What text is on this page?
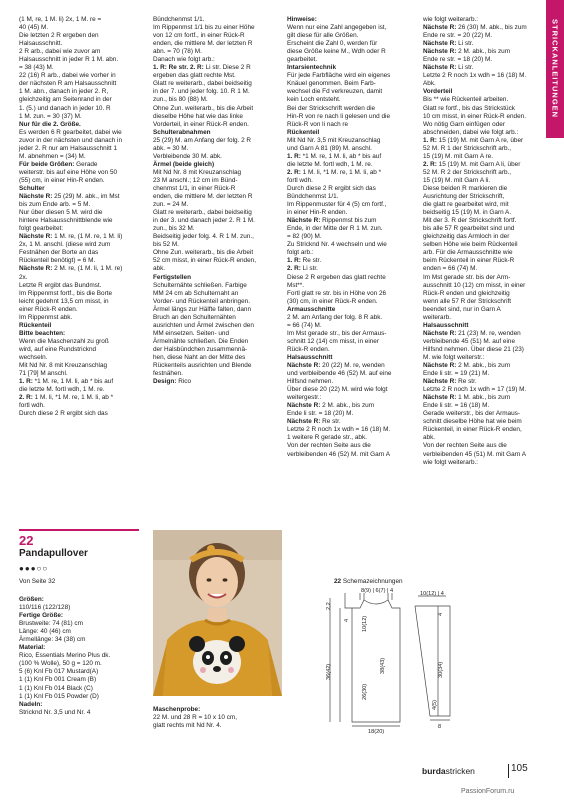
STRICKANLEITUNGEN

(1 M, re, 1 M. li) 2x, 1 M. re =

40 (45) M.

Die letzten 2 R ergeben den

Halsausschnitt.

2 R arb., dabei wie zuvor am

Halsausschnitt in jeder R 1 M. abn.

= 38 (43) M.

22 (16) R arb., dabei wie vorher in

der nächsten R am Halsausschnitt

1 M. abn., danach in jeder 2. R,

gleichzeitig am Seitenrand in der

1. (5.) und danach in jeder 10. R

1 M. zun. = 30 (37) M.

Nur für die 2. Größe.

Es werden 6 R gearbeitet, dabei wie

zuvor in der nächsten und danach in

jeder 2. R nur am Halsausschnitt 1

M. abnehmen = (34) M.

Für beide Größen: Gerade

weiterstr. bis auf eine Höhe von 50

(55) cm, in einer Hin-R enden.

Schulter

Nächste R: 25 (29) M. abk., im Mst

bis zum Ende arb. = 5 M.

Nur über diesen 5 M. wird die

hintere Halsausschnittblende wie

folgt gearbeitet:

Nächste R: 1 M. re, (1 M. re, 1 M. li)

2x, 1 M. anschl. (diese wird zum

Festnähen der Borte an das

Rückenteil benötigt) = 6 M.

Nächste R: 2 M. re, (1 M. li, 1 M. re)

2x.

Letzte R ergibt das Bundmst.

Im Rippenmst fortf., bis die Borte

leicht gedehnt 13,5 cm misst, in

einer Rück-R enden.

Im Rippenmst abk.

Rückenteil

Bitte beachten:

Wenn die Maschenzahl zu groß

wird, auf eine Rundstricknd

wechseln.

Mit Nd Nr. 8 mit Kreuzanschlag

71 [79] M anschl.

1. R: *1 M. re, 1 M. li, ab * bis auf

die letzte M. fortl wdh, 1 M. re.

2. R: 1 M. li, *1 M. re, 1 M. li, ab *

fortl wdh.

Durch diese 2 R ergibt sich das

Bündchenmst 1/1.

Im Rippenmst 1/1 bis zu einer Höhe

von 12 cm fortf., in einer Rück-R

enden, die mittlere M. der letzten R

abn. = 70 (78) M.

Danach wie folgt arb.:

1. R: Re str. 2. R: Li str. Diese 2 R

ergeben das glatt rechte Mst.

Glatt re weiterarb., dabei beidseitig

in der 7. und jeder folg. 10. R 1 M.

zun., bis 80 (88) M.

Ohne Zun. weiterarb., bis die Arbeit

dieselbe Höhe hat wie das linke

Vorderteil, in einer Rück-R enden.

Schulterabnahmen

25 (29) M. am Anfang der folg. 2 R

abk. = 30 M.

Verbleibende 30 M. abk.

Ärmel (beide gleich)

Mit Nd Nr. 8 mit Kreuzanschlag

23 M anschl.; 12 cm im Bünd-

chenmst 1/1, in einer Rück-R

enden, die mittlere M. der letzten R

zun. = 24 M.

Glatt re weiterarb., dabei beidseitig

in der 3. und danach jeder 2. R 1 M.

zun., bis 32 M.

Beidseitig jeder folg. 4. R 1 M. zun.,

bis 52 M.

Ohne Zun. weiterarb., bis die Arbeit

52 cm misst, in einer Rück-R enden,

abk.

Fertigstellen

Schulternähte schließen. Farbige

MM 24 cm ab Schulternaht an

Vorder- und Rückenteil anbringen.

Ärmel längs zur Hälfte falten, dann

Bruch an den Schulternähten

ausrichten und Ärmel zwischen den

MM einsetzen. Seiten- und

Ärmelnähte schließen. Die Enden

der Halsbündchen zusammennä-

hen, diese Naht an der Mitte des

Rückenteils ausrichten und Blende

festnähen.

Design: Rico

Hinweise:

Wenn nur eine Zahl angegeben ist,

gilt diese für alle Größen.

Erscheint die Zahl 0, werden für

diese Größe keine M., Wdh oder R

gearbeitet.

Intarsientechnik

Für jede Farbfläche wird ein eigenes

Knäuel genommen. Beim Farb-

wechsel die Fd verkreuzen, damit

kein Loch entsteht.

Bei der Strickschrift werden die

Hin-R von re nach li gelesen und die

Rück-R von li nach re

Rückenteil

Mit Nd Nr. 3,5 mit Kreuzanschlag

und Garn A 81 (89) M. anschl.

1. R: *1 M. re, 1 M. li, ab * bis auf

die letzte M. fortl wdh, 1 M. re.

2. R: 1 M. li, *1 M. re, 1 M. li, ab *

fortl wdh.

Durch diese 2 R ergibt sich das

Bündchenmst 1/1.

Im Rippenmuster für 4 (5) cm fortf.,

in einer Hin-R enden.

Nächste R: Rippenmst bis zum

Ende, in der Mitte der R 1 M. zun.

= 82 (90) M.

Zu Stricknd Nr. 4 wechseln und wie

folgt arb.:

1. R: Re str.

2. R: Li str.

Diese 2 R ergeben das glatt rechte

Mst**.

Fortl glatt re str. bis in Höhe von 26

(30) cm, in einer Rück-R enden.

Armausschnitte

2 M. am Anfang der folg. 8 R abk.

= 66 (74) M.

Im Mst gerade str., bis der Armaus-

schnitt 12 (14) cm misst, in einer

Rück-R enden.

Halsausschnitt

Nächste R: 20 (22) M. re, wenden

und verbleibende 46 (52) M. auf eine

Hilfsnd nehmen.

Über diese 20 (22) M. wird wie folgt

weitergestr.:

Nächste R: 2 M. abk., bis zum

Ende li str. = 18 (20) M.

Nächste R: Re str.

Letzte 2 R noch 1x wdh = 16 (18) M.

1 weitere R gerade str., abk.

Von der rechten Seite aus die

verbleibenden 46 (52) M. mit Garn A

wie folgt weiterarb.:

Nächste R: 26 (30) M. abk., bis zum

Ende re str. = 20 (22) M.

Nächste R: Li str.

Nächste R: 2 M. abk., bis zum

Ende re str. = 18 (20) M.

Nächste R: Li str.

Letzte 2 R noch 1x wdh = 16 (18) M.

Abk.

Vorderteil

Bis ** wie Rückenteil arbeiten.

Glatt re fortf., bis das Strickstück

10 cm misst, in einer Rück-R enden.

Wo nötig Garn einfügen oder

abschneiden, dabei wie folgt arb.:

1. R: 15 (19) M. mit Garn A re, über

52 M. R 1 der Strickschrift arb.,

15 (19) M. mit Garn A re.

2. R: 15 (19) M. mit Garn A li, über

52 M. R 2 der Strickschrift arb.,

15 (19) M. mit Garn A li.

Diese beiden R markieren die

Ausrichtung der Strickschrift,

die glatt re gearbeitet wird, mit

beidseitig 15 (19) M. in Garn A.

Mit der 3. R der Strickschrift fortf.

bis alle 57 R gearbeitet sind und

gleichzeitig das Armloch in der

selben Höhe wie beim Rückenteil

arb. Für die Armausschnitte wie

beim Rückenteil in einer Rück-R

enden = 66 (74) M.

Im Mst gerade str. bis der Arm-

ausschnitt 10 (12) cm misst, in einer

Rück-R enden und gleichzeitig

wenn alle 57 R der Strickschrift

beendet sind, nur in Garn A

weiterarb.

Halsausschnitt

Nächste R: 21 (23) M. re, wenden

verbleibende 45 (51) M. auf eine

Hilfsnd nehmen. Über diese 21 (23)

M. wie folgt weiterstr.:

Nächste R: 2 M. abk., bis zum

Ende li str. = 19 (21) M.

Nächste R: Re str.

Letzte 2 R noch 1x wdh = 17 (19) M.

Nächste R: 1 M. abk., bis zum

Ende li str. = 16 (18) M.

Gerade weiterstr., bis der Armaus-

schnitt dieselbe Höhe hat wie beim

Rückenteil, in einer Rück-R enden,

abk.

Von der rechten Seite aus die

verbleibenden 45 (51) M. mit Garn A

wie folgt weiterarb.:

22
Pandapullover
●●●○○
Von Seite 32

Größen:

110/116 (122/128)

Fertige Größe:

Brustweite: 74 (81) cm

Länge: 40 (46) cm

Ärmellänge: 34 (38) cm

Material:

Rico, Essentials Merino Plus dk.

(100 % Wolle), 50 g = 120 m.

5 (6) Knl Fb 017 Mustard(A)

1 (1) Knl Fb 001 Cream (B)

1 (1) Knl Fb 014 Black (C)

1 (1) Knl Fb 015 Powder (D)

Nadeln:

Stricknd Nr. 3,5 und Nr. 4	Maschenprobe:

22 M. und 28 R = 10 x 10 cm,

glatt rechts mit Nd Nr. 4.

22 Schemazeichnungen
8(9) | 6(7) | 4
2,2
36(42)
4 10(12)
26(30)
38(43)
18(20)
10(12) | 4
4
30(34)
4(5)
8
burdastricken	105
PassionForum.ru
